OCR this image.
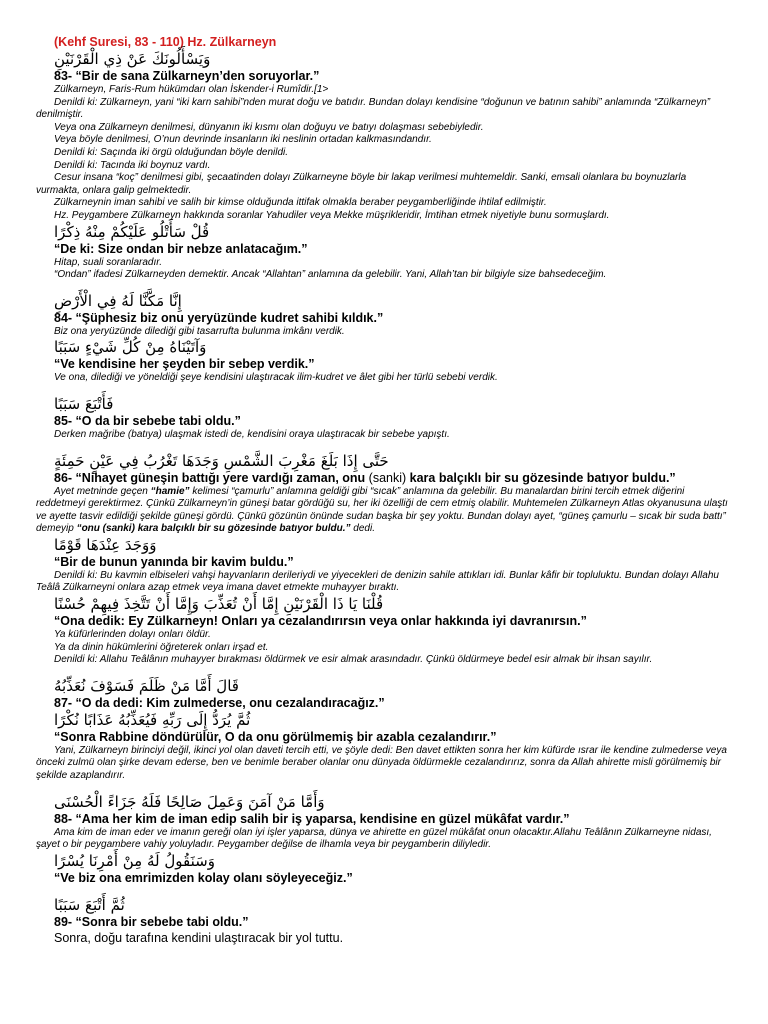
(Kehf Suresi, 83 - 110) Hz. Zülkarneyn
وَيَسْأَلُونَكَ عَنْ ذِي الْقَرْنَيْنِ
83- “Bir de sana Zülkarneyn’den soruyorlar.”

Zülkarneyn, Faris-Rum hükümdarı olan İskender-i Rumîdir.[1>

Denildi ki: Zülkarneyn, yani “iki karn sahibi”nden murat doğu ve batıdır. Bundan dolayı kendisine “doğunun ve batının sahibi” anlamında “Zülkarneyn” denilmiştir.

Veya ona Zülkarneyn denilmesi, dünyanın iki kısmı olan doğuyu ve batıyı dolaşması sebebiyledir.

Veya böyle denilmesi, O’nun devrinde insanların iki neslinin ortadan kalkmasındandır.

Denildi ki: Saçında iki örgü olduğundan böyle denildi.

Denildi ki: Tacında iki boynuz vardı.

Cesur insana “koç” denilmesi gibi, şecaatinden dolayı Zülkarneyne böyle bir lakap verilmesi muhtemeldir. Sanki, emsali olanlara bu boynuzlarla vurmakta, onlara galip gelmektedir.

Zülkarneynin iman sahibi ve salih bir kimse olduğunda ittifak olmakla beraber peygamberliğinde ihtilaf edilmiştir.

Hz. Peygambere Zülkarneyn hakkında soranlar Yahudiler veya Mekke müşrikleridir, İmtihan etmek niyetiyle bunu sormuşlardı.

قُلْ سَأَتْلُو عَلَيْكُمْ مِنْهُ ذِكْرًا
“De ki: Size ondan bir nebze anlatacağım.”

Hitap, suali soranlaradır.

“Ondan” ifadesi Zülkarneyden demektir. Ancak “Allahtan” anlamına da gelebilir. Yani, Allah’tan bir bilgiyle size bahsedeceğim.

إِنَّا مَكَّنَّا لَهُ فِي الْأَرْضِ
84- “Şüphesiz biz onu yeryüzünde kudret sahibi kıldık.”

Biz ona yeryüzünde dilediği gibi tasarrufta bulunma imkânı verdik.

وَآتَيْنَاهُ مِنْ كُلِّ شَيْءٍ سَبَبًا
“Ve kendisine her şeyden bir sebep verdik.”

Ve ona, dilediği ve yöneldiği şeye kendisini ulaştıracak ilim-kudret ve âlet gibi her türlü sebebi verdik.

فَأَتْبَعَ سَبَبًا
85- “O da bir sebebe tabi oldu.”

Derken mağribe (batıya) ulaşmak istedi de, kendisini oraya ulaştıracak bir sebebe yapıştı.

حَتَّى إِذَا بَلَغَ مَغْرِبَ الشَّمْسِ وَجَدَهَا تَغْرُبُ فِي عَيْنٍ حَمِئَةٍ
86- “Nihayet güneşin battığı yere vardığı zaman, onu (sanki) kara balçıklı bir su gözesinde batıyor buldu.”

Ayet metninde geçen “hamie” kelimesi “çamurlu” anlamına geldiği gibi “sıcak” anlamına da gelebilir. Bu manalardan birini tercih etmek diğerini reddetmeyi gerektirmez. Çünkü Zülkarneyn’in güneşi batar gördüğü su, her iki özelliği de cem etmiş olabilir. Muhtemelen Zülkarneyn Atlas okyanusuna ulaştı ve ayette tasvir edildiği şekilde güneşi gördü. Çünkü gözünün önünde sudan başka bir şey yoktu. Bundan dolayı ayet, “güneş çamurlu – sıcak bir suda battı” demeyip “onu (sanki) kara balçıklı bir su gözesinde batıyor buldu.” dedi.

وَوَجَدَ عِنْدَهَا قَوْمًا
“Bir de bunun yanında bir kavim buldu.”

Denildi ki: Bu kavmin elbiseleri vahşi hayvanların derileriydi ve yiyecekleri de denizin sahile attıkları idi. Bunlar kâfir bir topluluktu. Bundan dolayı Allahu Teâlâ Zülkarneyni onlara azap etmek veya imana davet etmekte muhayyer bıraktı.

قُلْنَا يَا ذَا الْقَرْنَيْنِ إِمَّا أَنْ تُعَذِّبَ وَإِمَّا أَنْ تَتَّخِذَ فِيهِمْ حُسْنًا
“Ona dedik: Ey Zülkarneyn! Onları ya cezalandırırsın veya onlar hakkında iyi davranırsın.”

Ya küfürlerinden dolayı onları öldür.

Ya da dinin hükümlerini öğreterek onları irşad et.

Denildi ki: Allahu Teâlânın muhayyer bırakması öldürmek ve esir almak arasındadır. Çünkü öldürmeye bedel esir almak bir ihsan sayılır.

قَالَ أَمَّا مَنْ ظَلَمَ فَسَوْفَ نُعَذِّبُهُ
87- “O da dedi: Kim zulmederse, onu cezalandıracağız.”
ثُمَّ يُرَدُّ إِلَى رَبِّهِ فَيُعَذِّبُهُ عَذَابًا نُكْرًا
“Sonra Rabbine döndürülür, O da onu görülmemiş bir azabla cezalandırır.”

Yani, Zülkarneyn birinciyi değil, ikinci yol olan daveti tercih etti, ve şöyle dedi: Ben davet ettikten sonra her kim küfürde ısrar ile kendine zulmederse veya önceki zulmü olan şirke devam ederse, ben ve benimle beraber olanlar onu dünyada öldürmekle cezalandırırız, sonra da Allah ahirette misli görülmemiş bir şekilde azaplandırır.

وَأَمَّا مَنْ آمَنَ وَعَمِلَ صَالِحًا فَلَهُ جَزَاءً الْحُسْنَى
88- “Ama her kim de iman edip salih bir iş yaparsa, kendisine en güzel mükâfat vardır.”

Ama kim de iman eder ve imanın gereği olan iyi işler yaparsa, dünya ve ahirette en güzel mükâfat onun olacaktır.Allahu Teâlânın Zülkarneyne nidası, şayet o bir peygambere vahiy yoluyladır. Peygamber değilse de ilhamla veya bir peygamberin diliyledir.

وَسَنَقُولُ لَهُ مِنْ أَمْرِنَا يُسْرًا
“Ve biz ona emrimizden kolay olanı söyleyeceğiz.”
ثُمَّ أَتْبَعَ سَبَبًا
89- “Sonra bir sebebe tabi oldu.”
Sonra, doğu tarafına kendini ulaştıracak bir yol tuttu.
